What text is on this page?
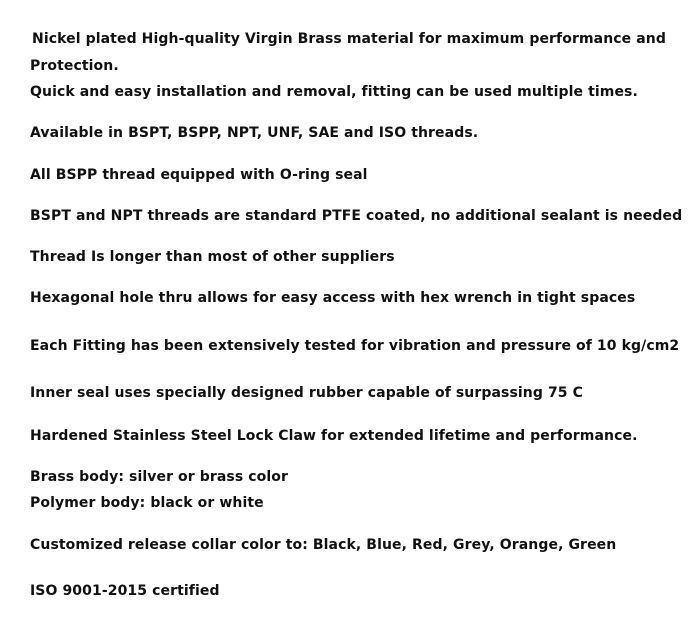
Nickel plated High-quality Virgin Brass material for maximum performance and

Protection.

Quick and easy installation and removal, fitting can be used multiple times.

Available in BSPT, BSPP, NPT, UNF, SAE and ISO threads.

All BSPP thread equipped with O-ring seal

BSPT and NPT threads are standard PTFE coated, no additional sealant is needed

Thread Is longer than most of other suppliers

Hexagonal hole thru allows for easy access with hex wrench in tight spaces

Each Fitting has been extensively tested for vibration and pressure of 10 kg/cm2

Inner seal uses specially designed rubber capable of surpassing 75 C

Hardened Stainless Steel Lock Claw for extended lifetime and performance.

Brass body: silver or brass color

Polymer body: black or white

Customized release collar color to: Black, Blue, Red, Grey, Orange, Green

ISO 9001-2015 certified
